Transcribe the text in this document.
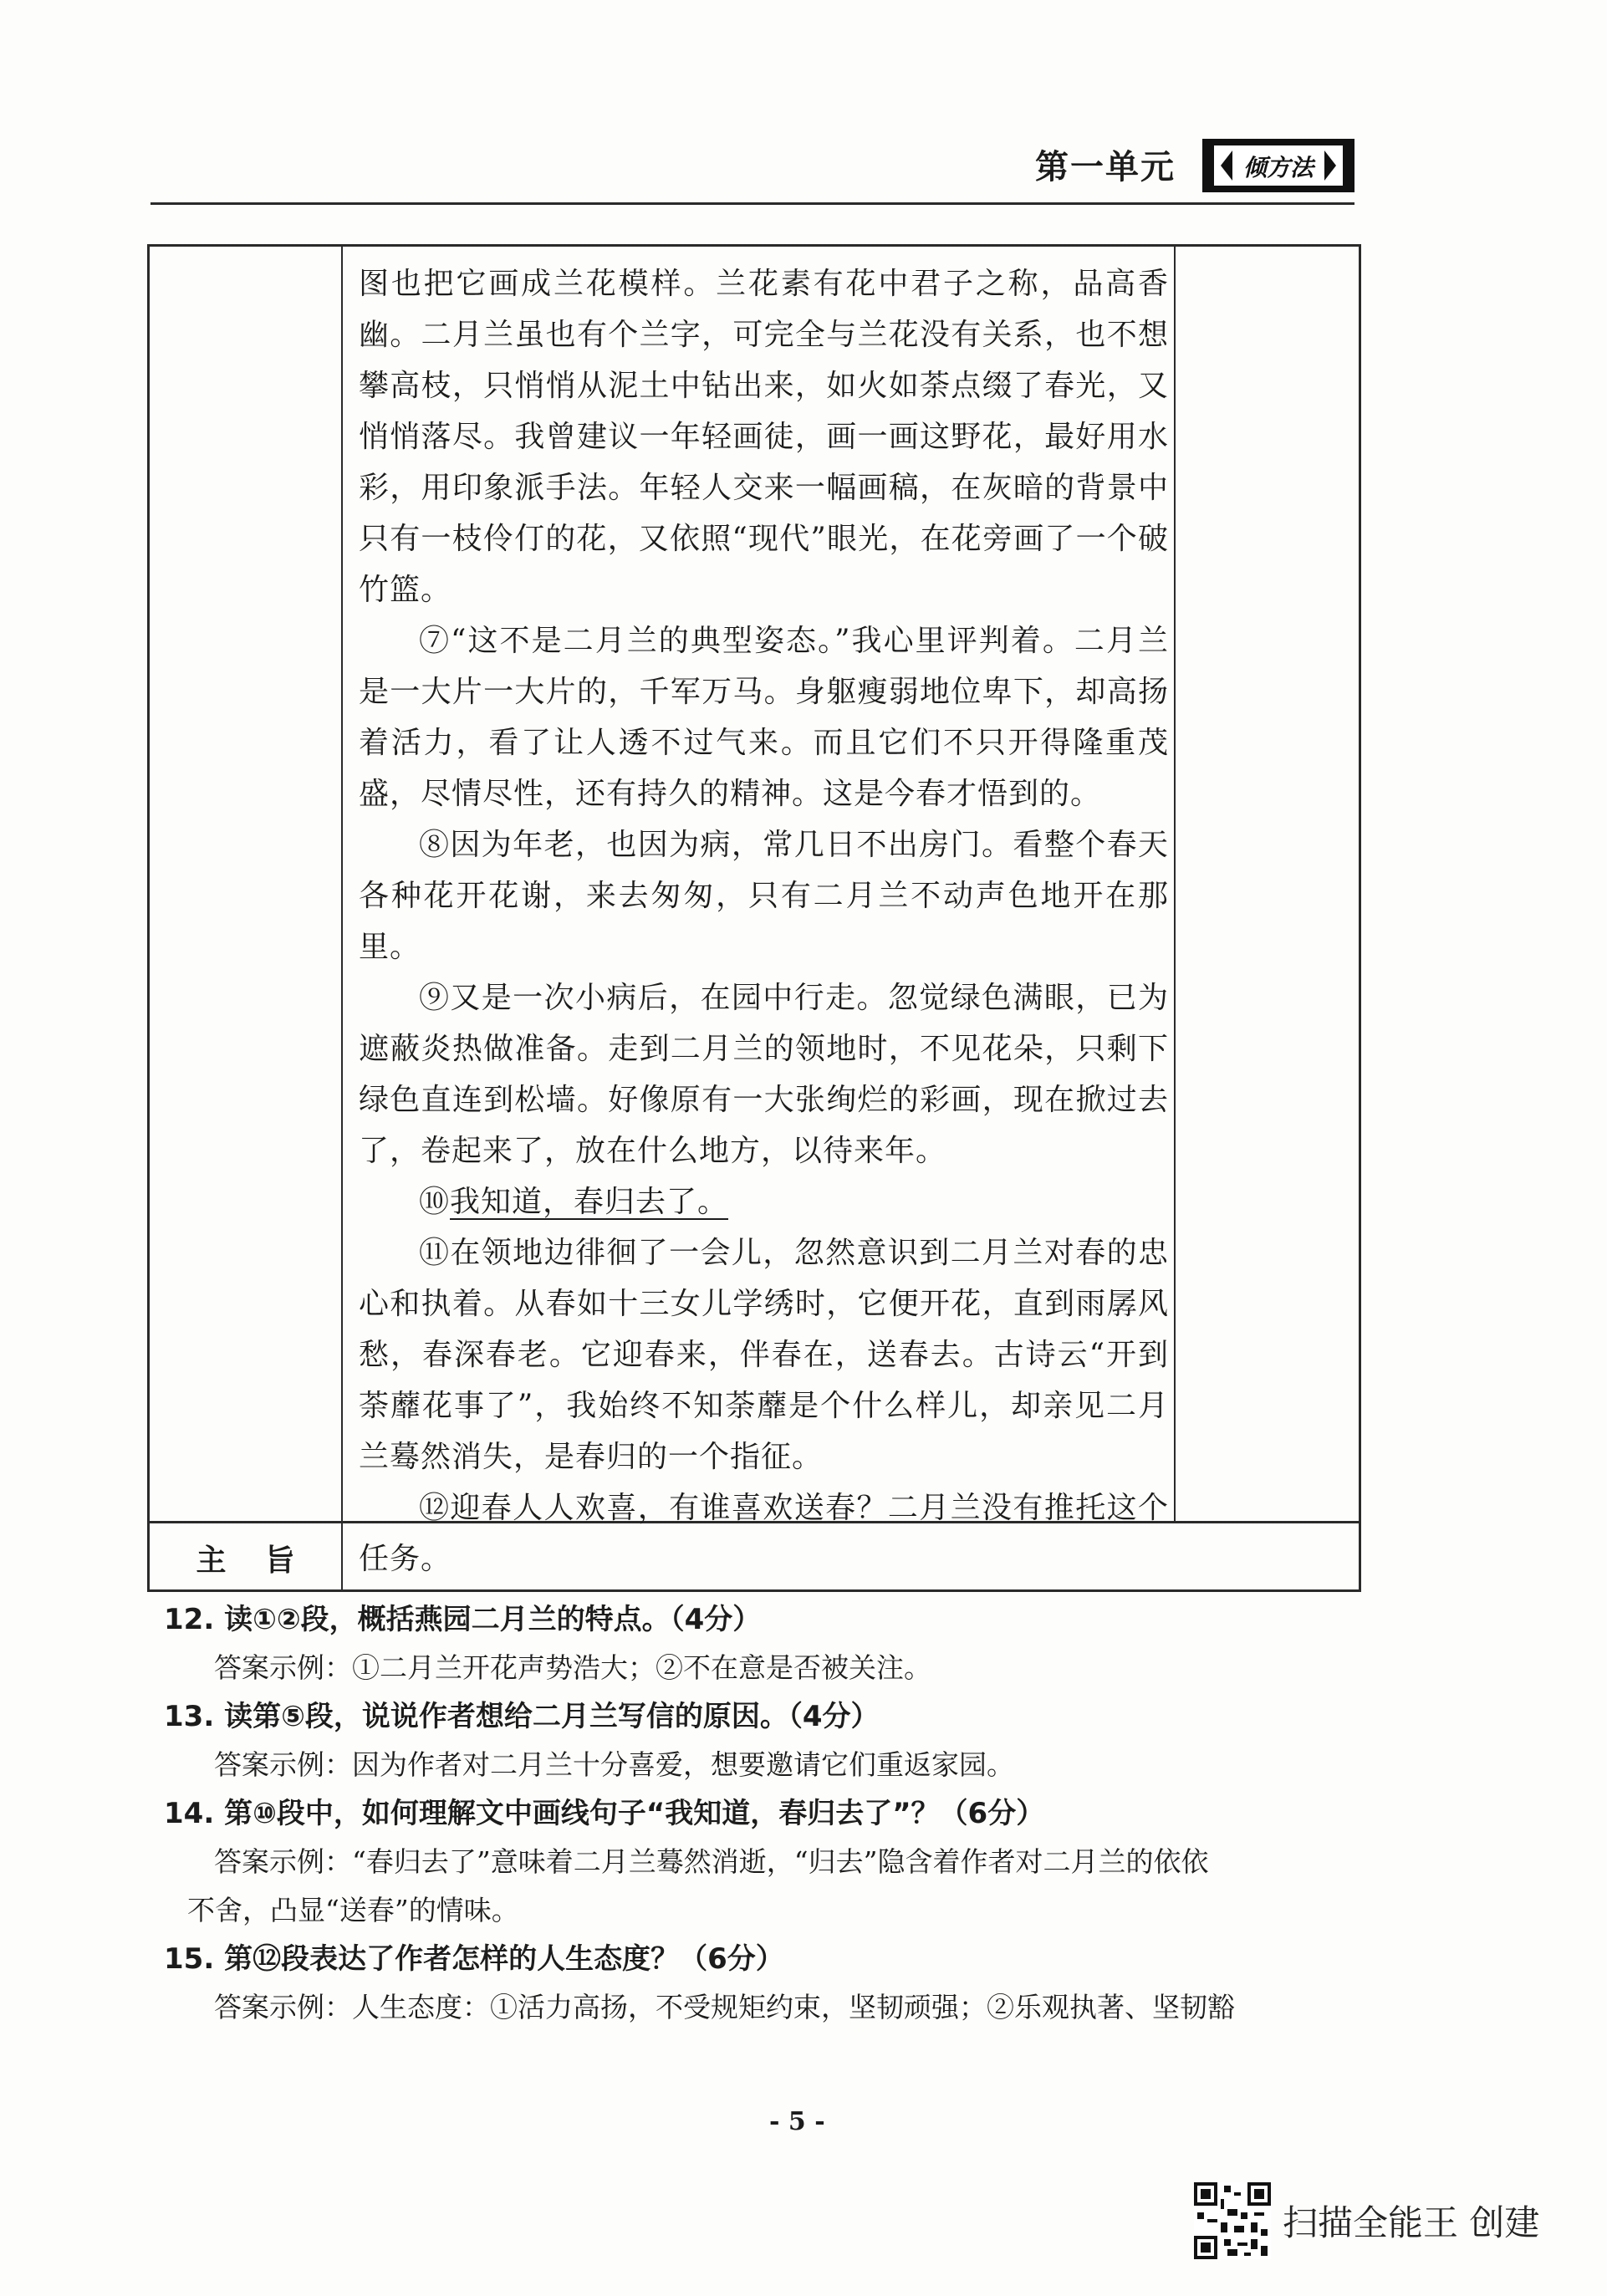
第一单元	倾方法

图也把它画成兰花模样。兰花素有花中君子之称，品高香幽。二月兰虽也有个兰字，可完全与兰花没有关系，也不想攀高枝，只悄悄从泥土中钻出来，如火如荼点缀了春光，又悄悄落尽。我曾建议一年轻画徒，画一画这野花，最好用水彩，用印象派手法。年轻人交来一幅画稿，在灰暗的背景中只有一枝伶仃的花，又依照“现代”眼光，在花旁画了一个破竹篮。

⑦“这不是二月兰的典型姿态。”我心里评判着。二月兰是一大片一大片的，千军万马。身躯瘦弱地位卑下，却高扬着活力，看了让人透不过气来。而且它们不只开得隆重茂盛，尽情尽性，还有持久的精神。这是今春才悟到的。

⑧因为年老，也因为病，常几日不出房门。看整个春天各种花开花谢，来去匆匆，只有二月兰不动声色地开在那里。

⑨又是一次小病后，在园中行走。忽觉绿色满眼，已为遮蔽炎热做准备。走到二月兰的领地时，不见花朵，只剩下绿色直连到松墙。好像原有一大张绚烂的彩画，现在掀过去了，卷起来了，放在什么地方，以待来年。

⑩我知道，春归去了。

⑪在领地边徘徊了一会儿，忽然意识到二月兰对春的忠心和执着。从春如十三女儿学绣时，它便开花，直到雨孱风愁，春深春老。它迎春来，伴春在，送春去。古诗云“开到荼蘼花事了”，我始终不知荼蘼是个什么样儿，却亲见二月兰蓦然消失，是春归的一个指征。

⑫迎春人人欢喜，有谁喜欢送春？二月兰没有推托这个任务。

主旨

12. 读①②段，概括燕园二月兰的特点。（4分）

答案示例：①二月兰开花声势浩大；②不在意是否被关注。

13. 读第⑤段，说说作者想给二月兰写信的原因。（4分）

答案示例：因为作者对二月兰十分喜爱，想要邀请它们重返家园。

14. 第⑩段中，如何理解文中画线句子“我知道，春归去了”？（6分）

答案示例：“春归去了”意味着二月兰蓦然消逝，“归去”隐含着作者对二月兰的依依

不舍，凸显“送春”的情味。

15. 第⑫段表达了作者怎样的人生态度？（6分）

答案示例：人生态度：①活力高扬，不受规矩约束，坚韧顽强；②乐观执著、坚韧豁

- 5 -
扫描全能王 创建
